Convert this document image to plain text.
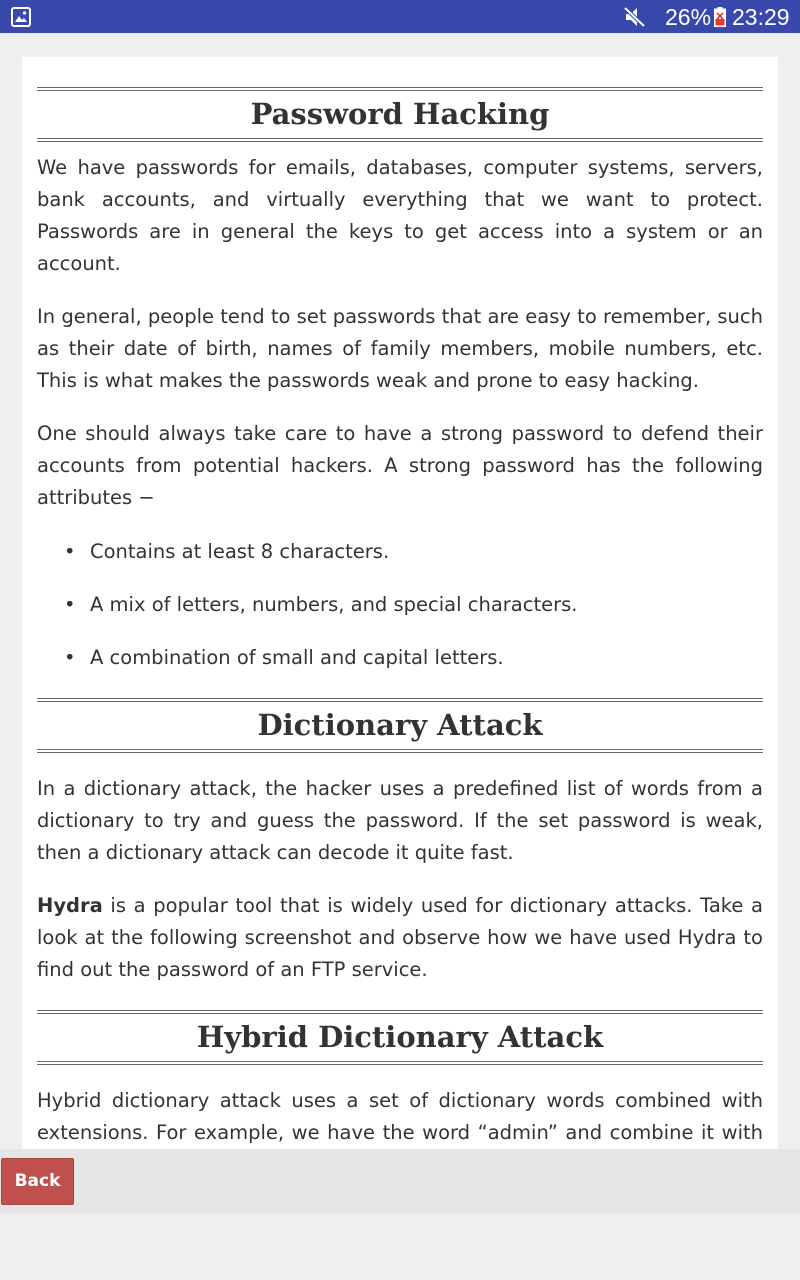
26% 23:29
Password Hacking

We have passwords for emails, databases, computer systems, servers, bank accounts, and virtually everything that we want to protect. Passwords are in general the keys to get access into a system or an account.

In general, people tend to set passwords that are easy to remember, such as their date of birth, names of family members, mobile numbers, etc. This is what makes the passwords weak and prone to easy hacking.

One should always take care to have a strong password to defend their accounts from potential hackers. A strong password has the following attributes −

• Contains at least 8 characters.
• A mix of letters, numbers, and special characters.
• A combination of small and capital letters.
Dictionary Attack

In a dictionary attack, the hacker uses a predefined list of words from a dictionary to try and guess the password. If the set password is weak, then a dictionary attack can decode it quite fast.

Hydra is a popular tool that is widely used for dictionary attacks. Take a look at the following screenshot and observe how we have used Hydra to find out the password of an FTP service.

Hybrid Dictionary Attack

Hybrid dictionary attack uses a set of dictionary words combined with extensions. For example, we have the word “admin” and combine it with

Back
